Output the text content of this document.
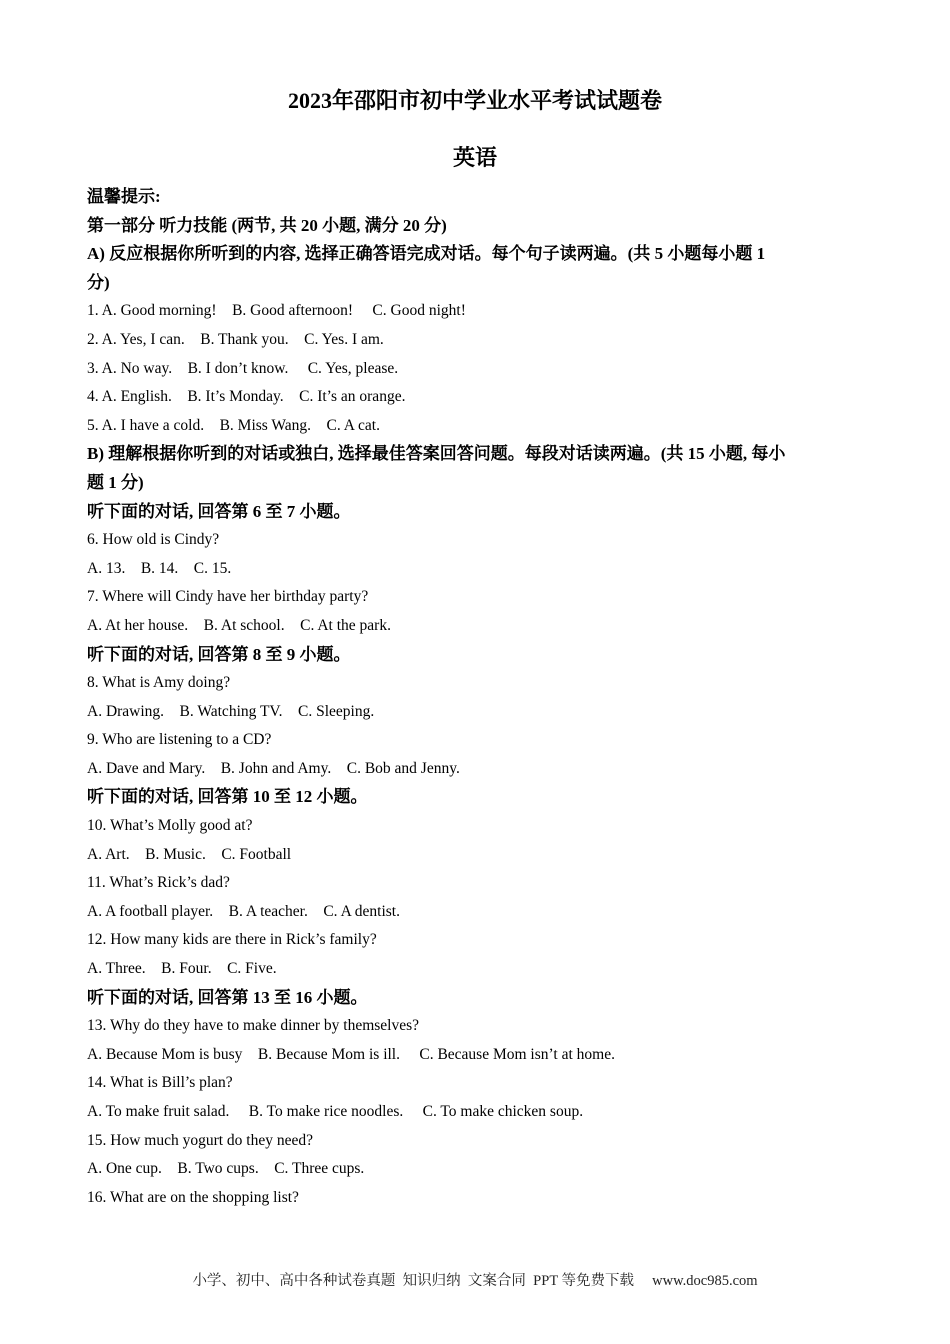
2023年邵阳市初中学业水平考试试题卷
英语
温馨提示:
第一部分 听力技能 (两节, 共 20 小题, 满分 20 分)
A) 反应根据你所听到的内容, 选择正确答语完成对话。每个句子读两遍。(共 5 小题每小题 1
分)
1. A. Good morning!    B. Good afternoon!     C. Good night!
2. A. Yes, I can.    B. Thank you.    C. Yes. I am.
3. A. No way.    B. I don’t know.     C. Yes, please.
4. A. English.    B. It’s Monday.    C. It’s an orange.
5. A. I have a cold.    B. Miss Wang.    C. A cat.
B) 理解根据你听到的对话或独白, 选择最佳答案回答问题。每段对话读两遍。(共 15 小题, 每小
题 1 分)
听下面的对话, 回答第 6 至 7 小题。
6. How old is Cindy?
A. 13.    B. 14.    C. 15.
7. Where will Cindy have her birthday party?
A. At her house.    B. At school.    C. At the park.
听下面的对话, 回答第 8 至 9 小题。
8. What is Amy doing?
A. Drawing.    B. Watching TV.    C. Sleeping.
9. Who are listening to a CD?
A. Dave and Mary.    B. John and Amy.    C. Bob and Jenny.
听下面的对话, 回答第 10 至 12 小题。
10. What’s Molly good at?
A. Art.    B. Music.    C. Football
11. What’s Rick’s dad?
A. A football player.    B. A teacher.    C. A dentist.
12. How many kids are there in Rick’s family?
A. Three.    B. Four.    C. Five.
听下面的对话, 回答第 13 至 16 小题。
13. Why do they have to make dinner by themselves?
A. Because Mom is busy    B. Because Mom is ill.     C. Because Mom isn’t at home.
14. What is Bill’s plan?
A. To make fruit salad.     B. To make rice noodles.     C. To make chicken soup.
15. How much yogurt do they need?
A. One cup.    B. Two cups.    C. Three cups.
16. What are on the shopping list?
小学、初中、高中各种试卷真题  知识归纳  文案合同  PPT 等免费下载     www.doc985.com
